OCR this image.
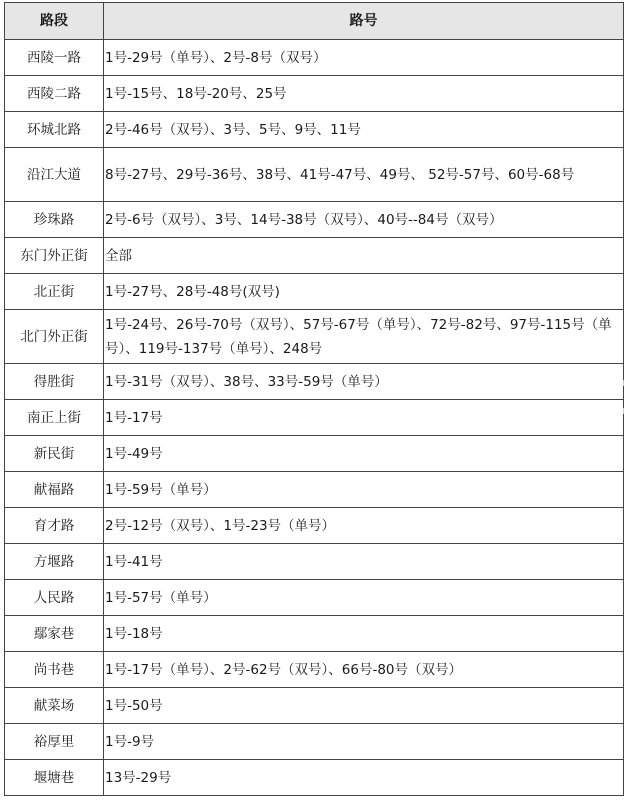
路段	路号
西陵一路	1号-29号（单号）、2号-8号（双号）
西陵二路	1号-15号、18号-20号、25号
环城北路	2号-46号（双号）、3号、5号、9号、11号
沿江大道	8号-27号、29号-36号、38号、41号-47号、49号、 52号-57号、60号-68号
珍珠路	2号-6号（双号）、3号、14号-38号（双号）、40号--84号（双号）
东门外正街	全部
北正街	1号-27号、28号-48号(双号)
北门外正街	1号-24号、26号-70号（双号）、57号-67号（单号）、72号-82号、97号-115号（单号）、119号-137号（单号）、248号
得胜街	1号-31号（双号）、38号、33号-59号（单号）
南正上街	1号-17号
新民街	1号-49号
献福路	1号-59号（单号）
育才路	2号-12号（双号）、1号-23号（单号）
方堰路	1号-41号
人民路	1号-57号（单号）
鄢家巷	1号-18号
尚书巷	1号-17号（单号）、2号-62号（双号）、66号-80号（双号）
献菜场	1号-50号
裕厚里	1号-9号
堰塘巷	13号-29号
